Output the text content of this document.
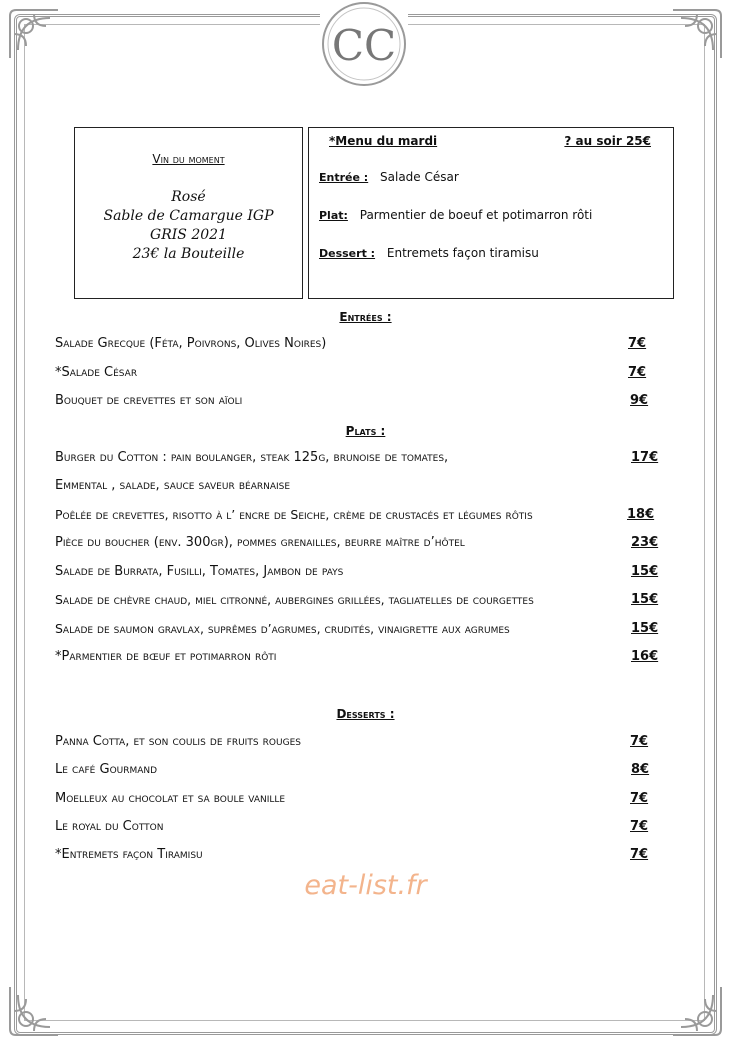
CC
Vin du moment
Rosé
Sable de Camargue IGP
GRIS 2021
23€ la Bouteille
*Menu du mardi	? au soir 25€
Entrée : Salade César
Plat: Parmentier de boeuf et potimarron rôti
Dessert : Entremets façon tiramisu
Entrées :
Salade Grecque (Féta, Poivrons, Olives Noires)	7€
*Salade César	7€
Bouquet de crevettes et son aïoli	9€
Plats :
Burger du Cotton : pain boulanger, steak 125g, brunoise de tomates,	17€
Emmental , salade, sauce saveur béarnaise
Poêlée de crevettes, risotto à l’ encre de Seiche, crème de crustacés et légumes rôtis	18€
Pièce du boucher (env. 300gr), pommes grenailles, beurre maître d’hôtel	23€
Salade de Burrata, Fusilli, Tomates, Jambon de pays	15€
Salade de chèvre chaud, miel citronné, aubergines grillées, tagliatelles de courgettes	15€
Salade de saumon gravlax, suprêmes d’agrumes, crudités, vinaigrette aux agrumes	15€
*Parmentier de bœuf et potimarron rôti	16€
Desserts :
Panna Cotta, et son coulis de fruits rouges	7€
Le café Gourmand	8€
Moelleux au chocolat et sa boule vanille	7€
Le royal du Cotton	7€
*Entremets façon Tiramisu	7€
eat-list.fr
